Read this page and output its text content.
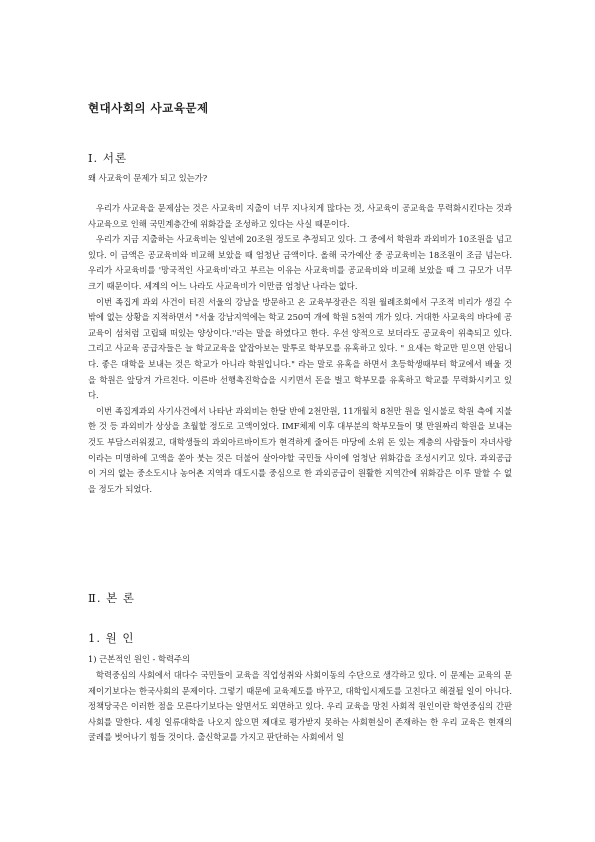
현대사회의 사교육문제
Ⅰ. 서론
왜 사교육이 문제가 되고 있는가?

우리가 사교육을 문제삼는 것은 사교육비 지출이 너무 지나치게 많다는 것, 사교육이 공교육을 무력화시킨다는 것과 사교육으로 인해 국민계층간에 위화감을 조성하고 있다는 사실 때문이다.

우리가 지금 지출하는 사교육비는 일년에 20조원 정도로 추정되고 있다. 그 중에서 학원과 과외비가 10조원을 넘고 있다. 이 금액은 공교육비와 비교해 보았을 때 엄청난 금액이다. 올해 국가예산 중 공교육비는 18조원이 조금 넘는다. 우리가 사교육비를 '망국적인 사교육비'라고 부르는 이유는 사교육비를 공교육비와 비교해 보았을 때 그 규모가 너무 크기 때문이다. 세계의 어느 나라도 사교육비가 이만큼 엄청난 나라는 없다.

이번 족집게 과외 사건이 터진 서울의 강남을 방문하고 온 교육부장관은 직원 월례조회에서 구조적 비리가 생길 수밖에 없는 상황을 지적하면서 "서울 강남지역에는 학교 250여 개에 학원 5천여 개가 있다. 거대한 사교육의 바다에 공교육이 섬처럼 고립돼 떠있는 양상이다.''라는 말을 하였다고 한다. 우선 양적으로 보더라도 공교육이 위축되고 있다. 그리고 사교육 공급자들은 늘 학교교육을 얕잡아보는 말투로 학부모를 유혹하고 있다. " 요새는 학교만 믿으면 안됩니다. 좋은 대학을 보내는 것은 학교가 아니라 학원입니다." 라는 말로 유혹을 하면서 초등학생때부터 학교에서 배울 것을 학원은 앞당겨 가르친다. 이른바 선행촉진학습을 시키면서 돈을 벌고 학부모를 유혹하고 학교를 무력화시키고 있다.

이번 족집게과외 사기사건에서 나타난 과외비는 한달 반에 2천만원, 11개월치 8천만 원을 일시불로 학원 측에 지불한 것 등 과외비가 상상을 초월할 정도로 고액이었다. IMF체제 이후 대부분의 학부모들이 몇 만원짜리 학원을 보내는 것도 부담스러워졌고, 대학생들의 과외아르바이트가 현격하게 줄어든 마당에 소위 돈 있는 계층의 사람들이 자녀사랑이라는 미명하에 고액을 쏟아 붓는 것은 더불어 살아야할 국민들 사이에 엄청난 위화감을 조성시키고 있다. 과외공급이 거의 없는 중소도시나 농어촌 지역과 대도시를 중심으로 한 과외공급이 원활한 지역간에 위화감은 이루 말할 수 없을 정도가 되었다.

Ⅱ. 본 론
1. 원 인
1) 근본적인 원인 - 학력주의

학력중심의 사회에서 대다수 국민들이 교육을 직업성취와 사회이동의 수단으로 생각하고 있다. 이 문제는 교육의 문제이기보다는 한국사회의 문제이다. 그렇기 때문에 교육제도를 바꾸고, 대학입시제도를 고친다고 해결될 일이 아니다. 정책당국은 이러한 점을 모른다기보다는 알면서도 외면하고 있다. 우리 교육을 망친 사회적 원인이란 학연중심의 간판사회를 말한다. 세칭 일류대학을 나오지 않으면 제대로 평가받지 못하는 사회현실이 존재하는 한 우리 교육은 현재의 굴레를 벗어나기 힘들 것이다. 출신학교를 가지고 판단하는 사회에서 일
